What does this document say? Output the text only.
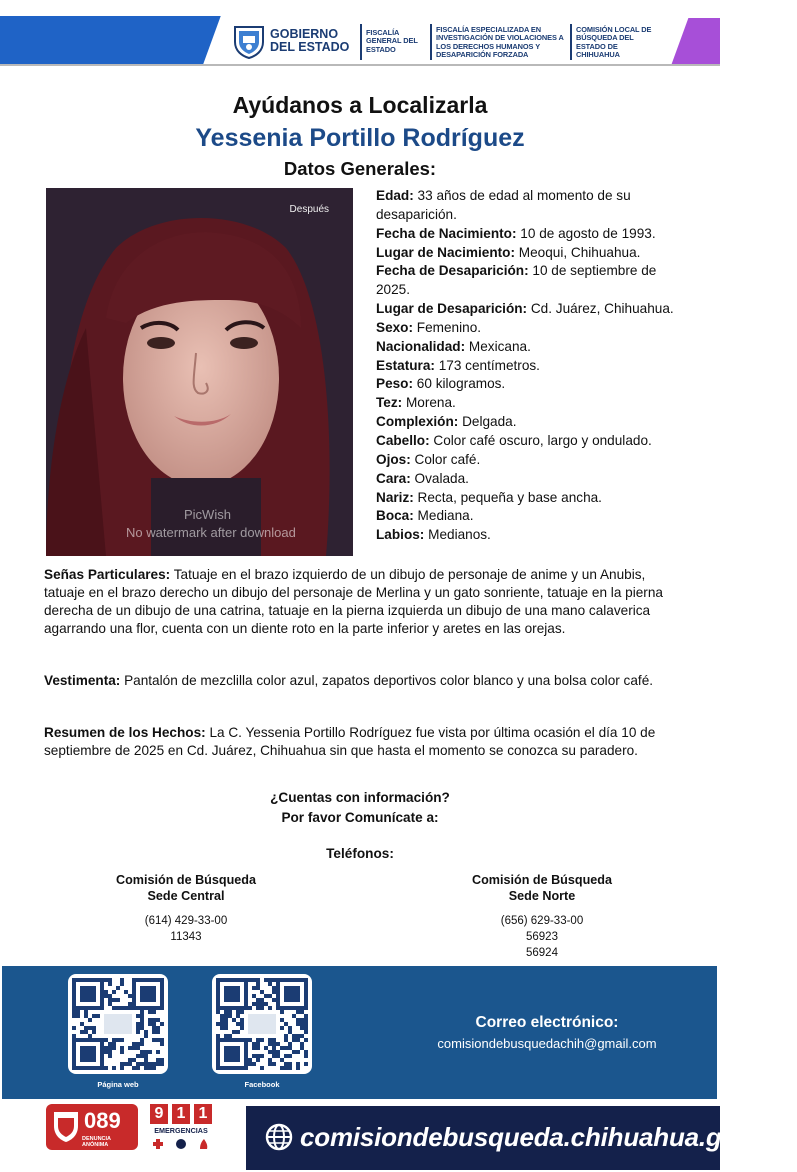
GOBIERNO DEL ESTADO
FISCALÍA GENERAL DEL ESTADO
FISCALÍA ESPECIALIZADA EN INVESTIGACIÓN DE VIOLACIONES A LOS DERECHOS HUMANOS Y DESAPARICIÓN FORZADA
COMISIÓN LOCAL DE BÚSQUEDA DEL ESTADO DE CHIHUAHUA
Ayúdanos a Localizarla
Yessenia Portillo Rodríguez
Datos Generales:
Después
PicWish
No watermark after download
Edad: 33 años de edad al momento de su desaparición.
Fecha de Nacimiento: 10 de agosto de 1993.
Lugar de Nacimiento: Meoqui, Chihuahua.
Fecha de Desaparición: 10 de septiembre de 2025.
Lugar de Desaparición: Cd. Juárez, Chihuahua.
Sexo: Femenino.
Nacionalidad: Mexicana.
Estatura: 173 centímetros.
Peso: 60 kilogramos.
Tez: Morena.
Complexión: Delgada.
Cabello: Color café oscuro, largo y ondulado.
Ojos: Color café.
Cara: Ovalada.
Nariz: Recta, pequeña y base ancha.
Boca: Mediana.
Labios: Medianos.
Señas Particulares: Tatuaje en el brazo izquierdo de un dibujo de personaje de anime y un Anubis, tatuaje en el brazo derecho un dibujo del personaje de Merlina y un gato sonriente, tatuaje en la pierna derecha de un dibujo de una catrina, tatuaje en la pierna izquierda un dibujo de una mano calaverica agarrando una flor, cuenta con un diente roto en la parte inferior y aretes en las orejas.
Vestimenta: Pantalón de mezclilla color azul, zapatos deportivos color blanco y una bolsa color café.
Resumen de los Hechos: La C. Yessenia Portillo Rodríguez fue vista por última ocasión el día 10 de septiembre de 2025 en Cd. Juárez, Chihuahua sin que hasta el momento se conozca su paradero.
¿Cuentas con información?
Por favor Comunícate a:
Teléfonos:
Comisión de Búsqueda
Sede Central
(614) 429-33-00
11343
Comisión de Búsqueda
Sede Norte
(656) 629-33-00
56923
56924
Página web	Facebook
Correo electrónico:
comisiondebusquedachih@gmail.com
089
DENUNCIA ANÓNIMA
9 1 1
EMERGENCIAS	comisiondebusqueda.chihuahua.gob.mx
